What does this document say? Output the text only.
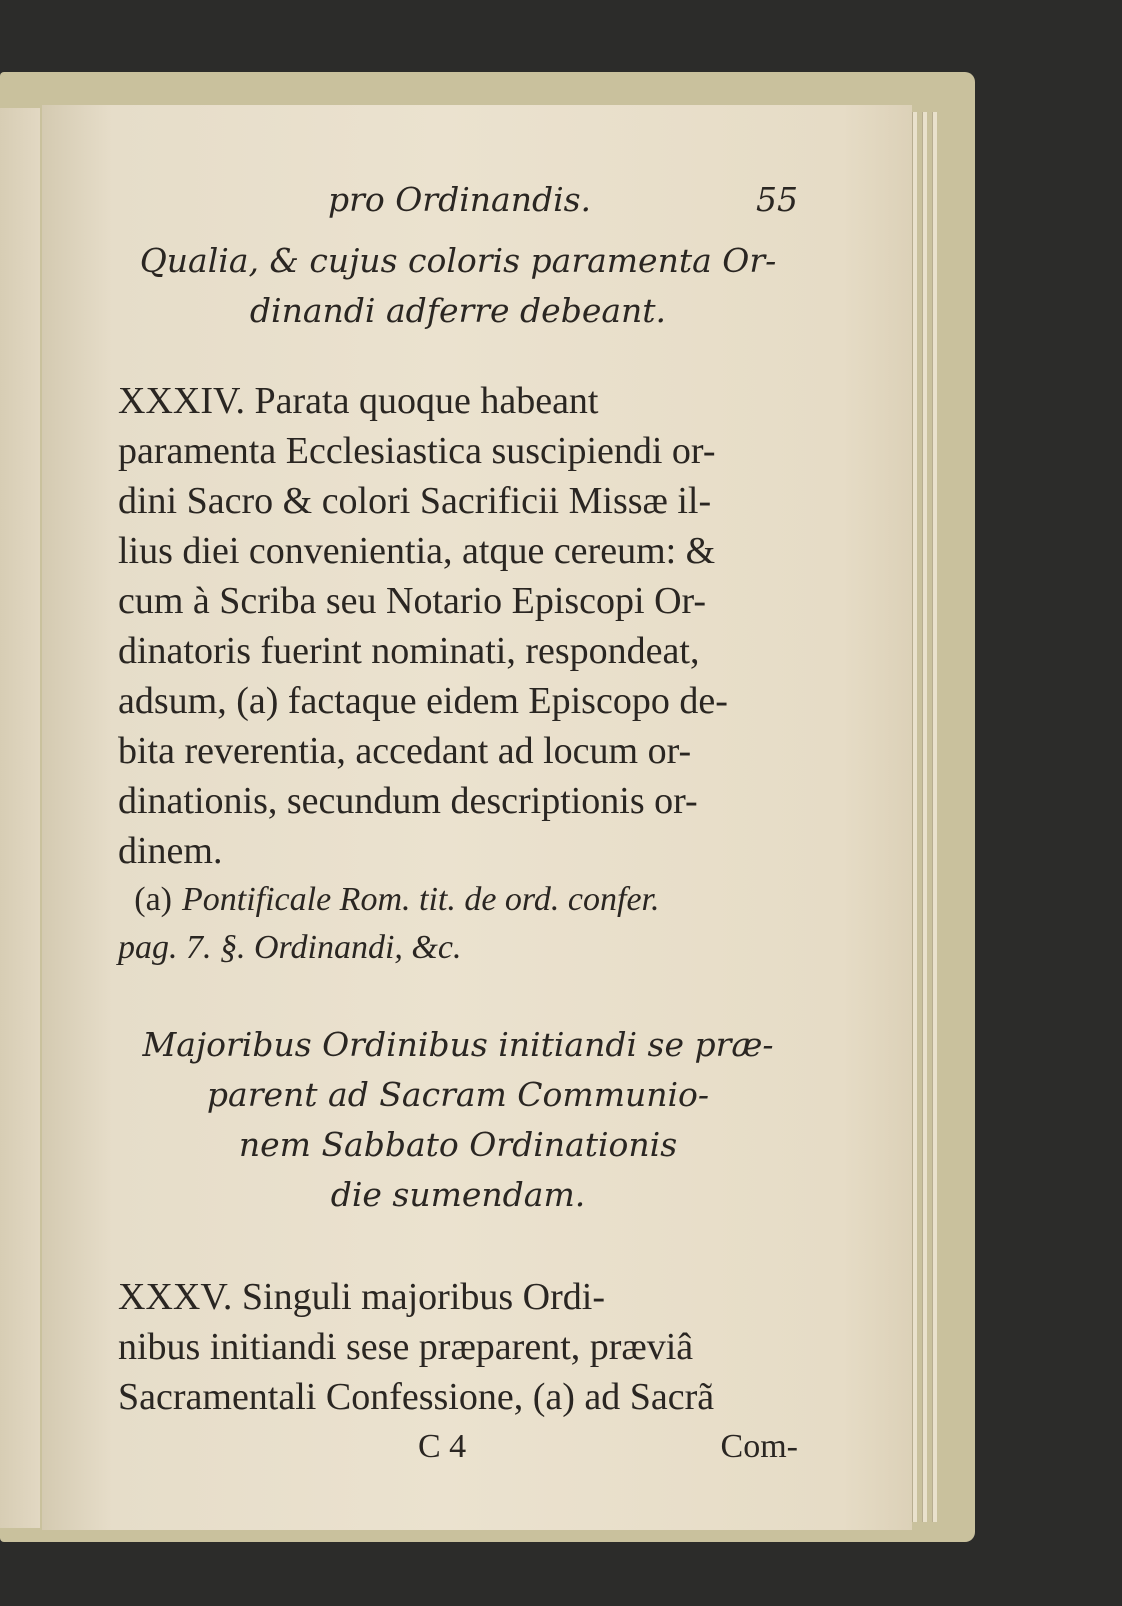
pro Ordinandis.	55
Qualia, & cujus coloris paramenta Or-
dinandi adferre debeant.
XXXIV. Parata quoque habeant
paramenta Ecclesiastica suscipiendi or-
dini Sacro & colori Sacrificii Missæ il-
lius diei convenientia, atque cereum: &
cum à Scriba seu Notario Episcopi Or-
dinatoris fuerint nominati, respondeat,
adsum, (a) factaque eidem Episcopo de-
bita reverentia, accedant ad locum or-
dinationis, secundum descriptionis or-
dinem.
(a) Pontificale Rom. tit. de ord. confer.
pag. 7. §. Ordinandi, &c.
Majoribus Ordinibus initiandi se præ-
parent ad Sacram Communio-
nem Sabbato Ordinationis
die sumendam.
XXXV. Singuli majoribus Ordi-
nibus initiandi sese præparent, præviâ
Sacramentali Confessione, (a) ad Sacrã
C 4	Com-
